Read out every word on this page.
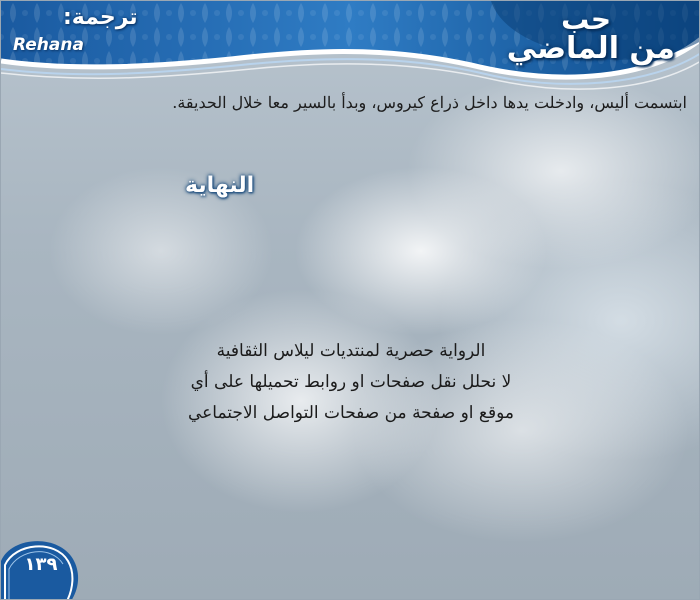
ترجمة:
Rehana
حب
من الماضي
ابتسمت أليس، وادخلت يدها داخل ذراع كيروس، وبدأ بالسير معا خلال الحديقة.
النهاية
الرواية حصرية لمنتديات ليلاس الثقافية
لا نحلل نقل صفحات او روابط تحميلها على أي
موقع او صفحة من صفحات التواصل الاجتماعي
١٣٩
